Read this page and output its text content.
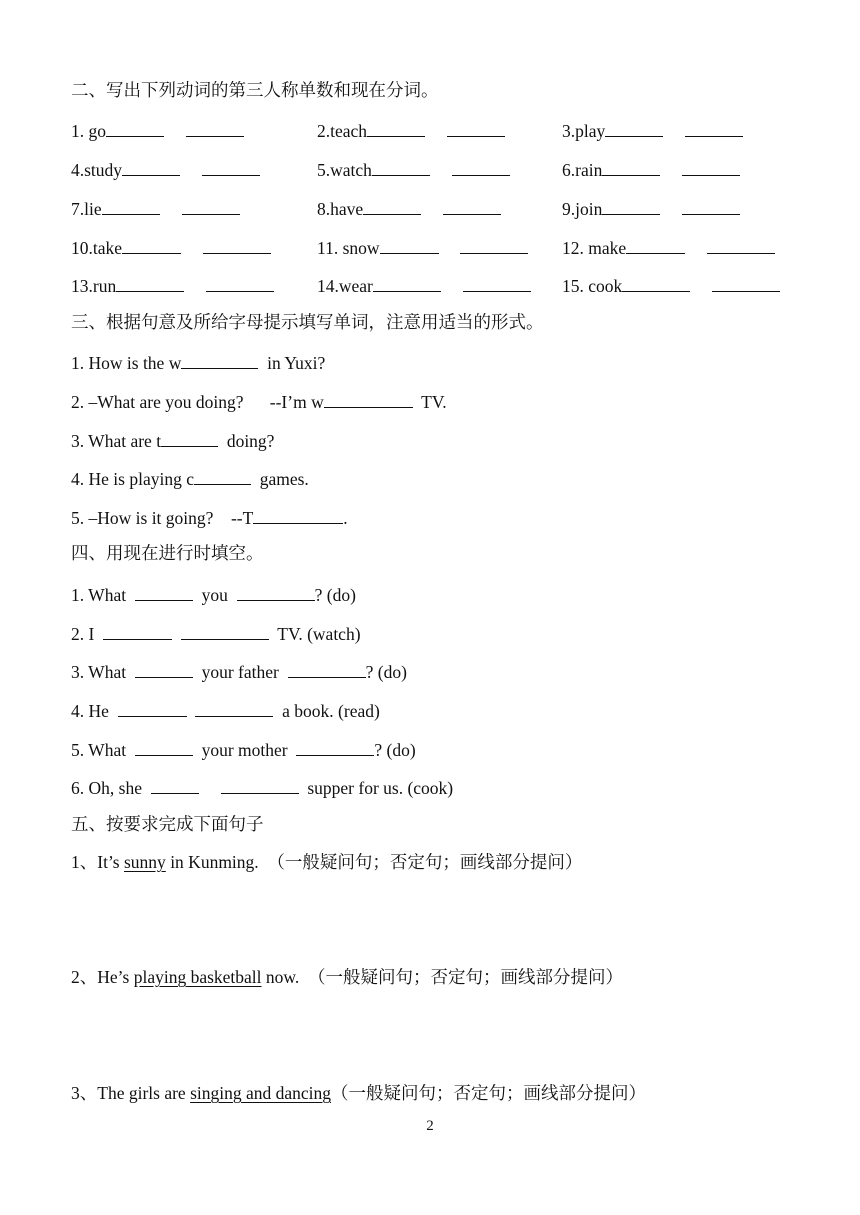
二、写出下列动词的第三人称单数和现在分词。
1. go	2.teach	3.play
4.study	5.watch	6.rain
7.lie	8.have	9.join
10.take	11. snow	12. make
13.run	14.wear	15. cook
三、根据句意及所给字母提示填写单词，注意用适当的形式。
1. How is the w	in Yuxi?
2. –What are you doing? --I’m w	TV.
3. What are t	doing?
4. He is playing c	games.
5. –How is it going? --T	.
四、用现在进行时填空。
1. What	you	? (do)
2. I	TV. (watch)
3. What	your father	? (do)
4. He	a book. (read)
5. What	your mother	? (do)
6. Oh, she	supper for us. (cook)
五、按要求完成下面句子
1、It’s sunny in Kunming. （一般疑问句；否定句；画线部分提问）
2、He’s playing basketball now. （一般疑问句；否定句；画线部分提问）
3、The girls are singing and dancing（一般疑问句；否定句；画线部分提问）
2
